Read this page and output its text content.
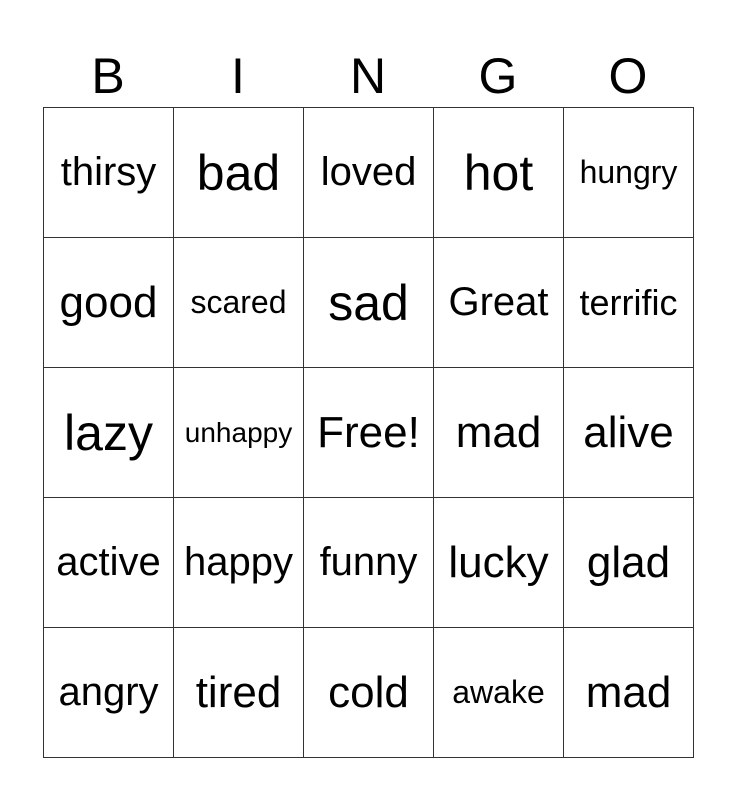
B	I	N	G	O
thirsy	bad	loved	hot	hungry
good	scared	sad	Great	terrific
lazy	unhappy	Free!	mad	alive
active	happy	funny	lucky	glad
angry	tired	cold	awake	mad
